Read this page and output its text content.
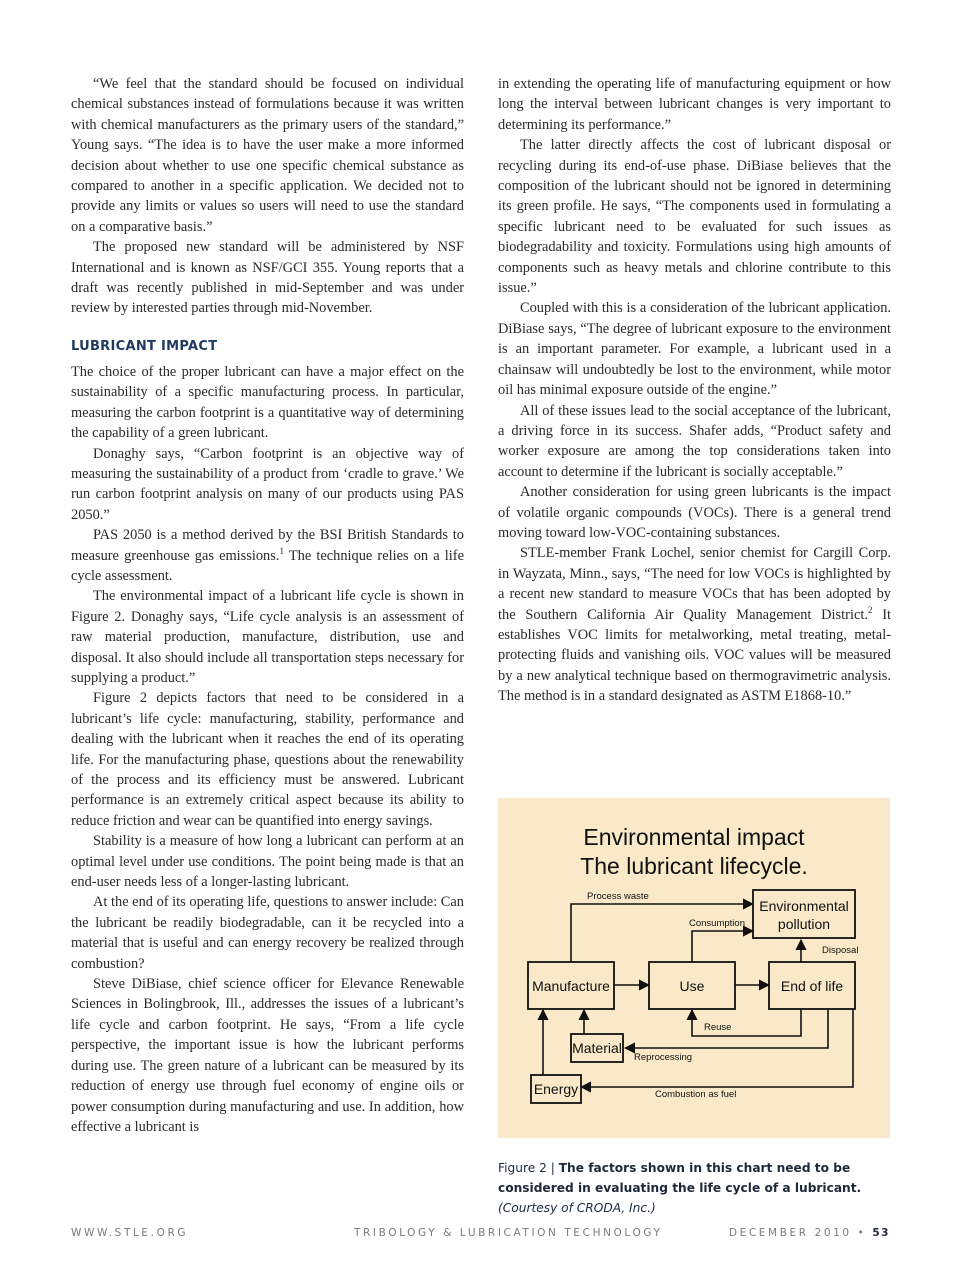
“We feel that the standard should be focused on individual chemical substances instead of formulations because it was written with chemical manufacturers as the primary users of the standard,” Young says. “The idea is to have the user make a more informed decision about whether to use one specific chemical substance as compared to another in a specific application. We decided not to provide any limits or values so users will need to use the standard on a comparative basis.”

The proposed new standard will be administered by NSF International and is known as NSF/GCI 355. Young reports that a draft was recently published in mid-September and was under review by interested parties through mid-November.

LUBRICANT IMPACT

The choice of the proper lubricant can have a major effect on the sustainability of a specific manufacturing process. In particular, measuring the carbon footprint is a quantitative way of determining the capability of a green lubricant.

Donaghy says, “Carbon footprint is an objective way of measuring the sustainability of a product from ‘cradle to grave.’ We run carbon footprint analysis on many of our products using PAS 2050.”

PAS 2050 is a method derived by the BSI British Standards to measure greenhouse gas emissions.$^1$ The technique relies on a life cycle assessment.

The environmental impact of a lubricant life cycle is shown in Figure 2. Donaghy says, “Life cycle analysis is an assessment of raw material production, manufacture, distribution, use and disposal. It also should include all transportation steps necessary for supplying a product.”

Figure 2 depicts factors that need to be considered in a lubricant’s life cycle: manufacturing, stability, performance and dealing with the lubricant when it reaches the end of its operating life. For the manufacturing phase, questions about the renewability of the process and its efficiency must be answered. Lubricant performance is an extremely critical aspect because its ability to reduce friction and wear can be quantified into energy savings.

Stability is a measure of how long a lubricant can perform at an optimal level under use conditions. The point being made is that an end-user needs less of a longer-lasting lubricant.

At the end of its operating life, questions to answer include: Can the lubricant be readily biodegradable, can it be recycled into a material that is useful and can energy recovery be realized through combustion?

Steve DiBiase, chief science officer for Elevance Renewable Sciences in Bolingbrook, Ill., addresses the issues of a lubricant’s life cycle and carbon footprint. He says, “From a life cycle perspective, the important issue is how the lubricant performs during use. The green nature of a lubricant can be measured by its reduction of energy use through fuel economy of engine oils or power consumption during manufacturing and use. In addition, how effective a lubricant is

in extending the operating life of manufacturing equipment or how long the interval between lubricant changes is very important to determining its performance.”

The latter directly affects the cost of lubricant disposal or recycling during its end-of-use phase. DiBiase believes that the composition of the lubricant should not be ignored in determining its green profile. He says, “The components used in formulating a specific lubricant need to be evaluated for such issues as biodegradability and toxicity. Formulations using high amounts of components such as heavy metals and chlorine contribute to this issue.”

Coupled with this is a consideration of the lubricant application. DiBiase says, “The degree of lubricant exposure to the environment is an important parameter. For example, a lubricant used in a chainsaw will undoubtedly be lost to the environment, while motor oil has minimal exposure outside of the engine.”

All of these issues lead to the social acceptance of the lubricant, a driving force in its success. Shafer adds, “Product safety and worker exposure are among the top considerations taken into account to determine if the lubricant is socially acceptable.”

Another consideration for using green lubricants is the impact of volatile organic compounds (VOCs). There is a general trend moving toward low-VOC-containing substances.

STLE-member Frank Lochel, senior chemist for Cargill Corp. in Wayzata, Minn., says, “The need for low VOCs is highlighted by a recent new standard to measure VOCs that has been adopted by the Southern California Air Quality Management District.$^2$ It establishes VOC limits for metalworking, metal treating, metal-protecting fluids and vanishing oils. VOC values will be measured by a new analytical technique based on thermogravimetric analysis. The method is in a standard designated as ASTM E1868-10.”

Environmental impact
The lubricant lifecycle.
Environmental
pollution
Manufacture	Use	End of life
Material
Energy
Process waste
Consumption
Disposal
Reuse
Reprocessing
Combustion as fuel
Figure 2 | The factors shown in this chart need to be considered in evaluating the life cycle of a lubricant. (Courtesy of CRODA, Inc.)
WWW.STLE.ORG	TRIBOLOGY & LUBRICATION TECHNOLOGY	DECEMBER 2010 • 53
